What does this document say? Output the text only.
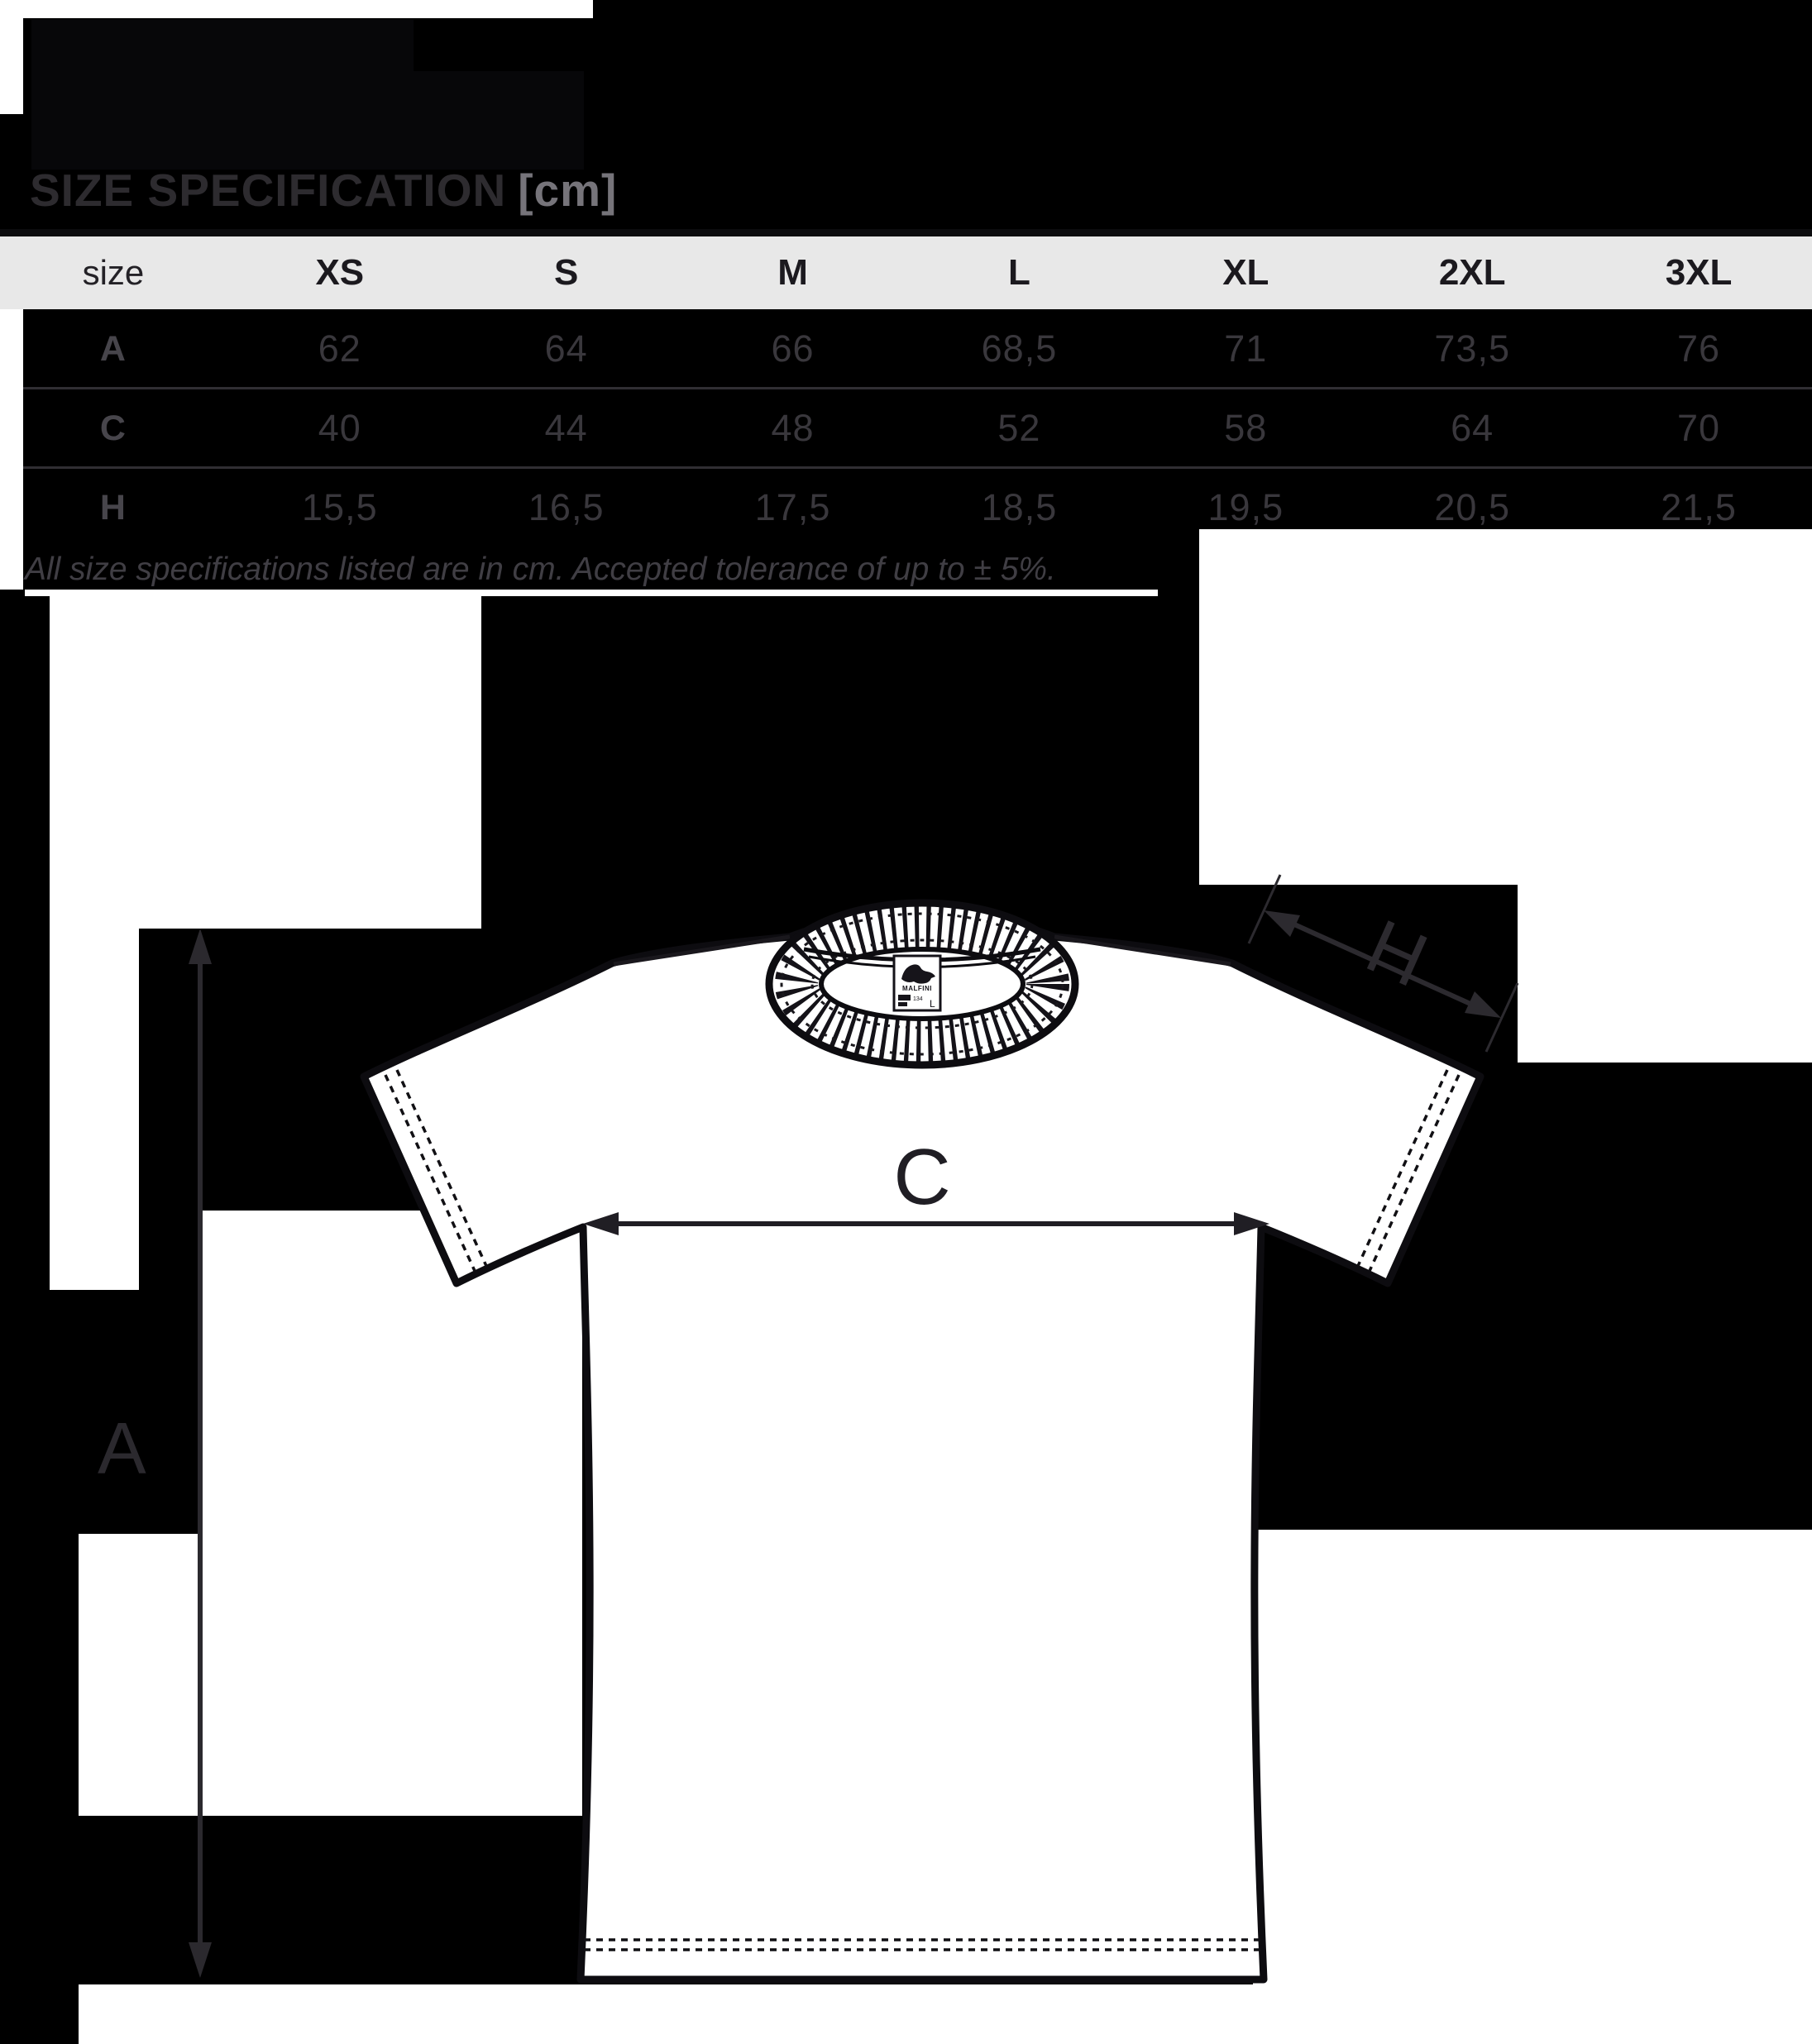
SIZE SPECIFICATION [cm]
size	XS	S	M	L	XL	2XL	3XL
A	62	64	66	68,5	71	73,5	76
C	40	44	48	52	58	64	70
H	15,5	16,5	17,5	18,5	19,5	20,5	21,5
All size specifications listed are in cm. Accepted tolerance of up to ± 5%.
MALFINI
134 L
A
C
H
